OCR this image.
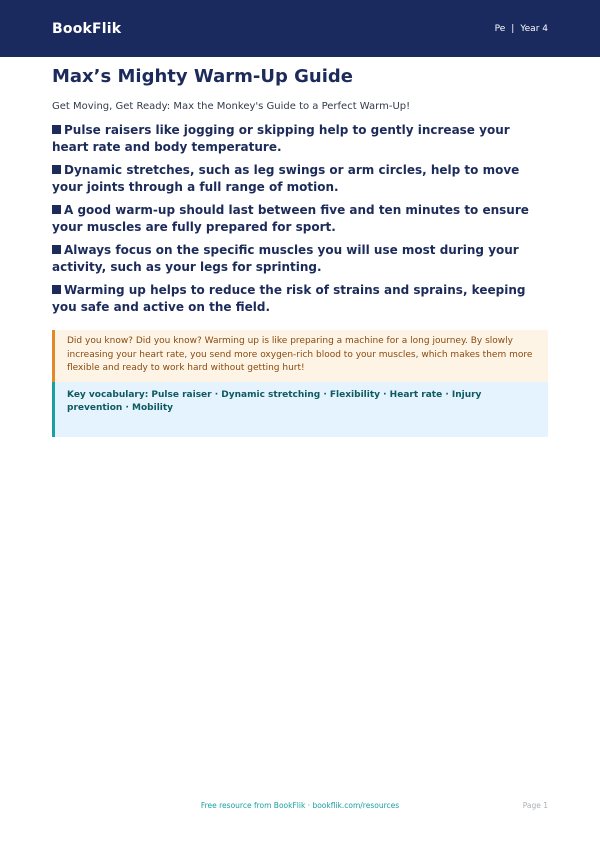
BookFlik	Pe | Year 4
Max’s Mighty Warm-Up Guide
Get Moving, Get Ready: Max the Monkey's Guide to a Perfect Warm-Up!
Pulse raisers like jogging or skipping help to gently increase your heart rate and body temperature.
Dynamic stretches, such as leg swings or arm circles, help to move your joints through a full range of motion.
A good warm-up should last between five and ten minutes to ensure your muscles are fully prepared for sport.
Always focus on the specific muscles you will use most during your activity, such as your legs for sprinting.
Warming up helps to reduce the risk of strains and sprains, keeping you safe and active on the field.
Did you know? Did you know? Warming up is like preparing a machine for a long journey. By slowly increasing your heart rate, you send more oxygen-rich blood to your muscles, which makes them more flexible and ready to work hard without getting hurt!
Key vocabulary: Pulse raiser · Dynamic stretching · Flexibility · Heart rate · Injury prevention · Mobility
Free resource from BookFlik · bookflik.com/resources	Page 1
